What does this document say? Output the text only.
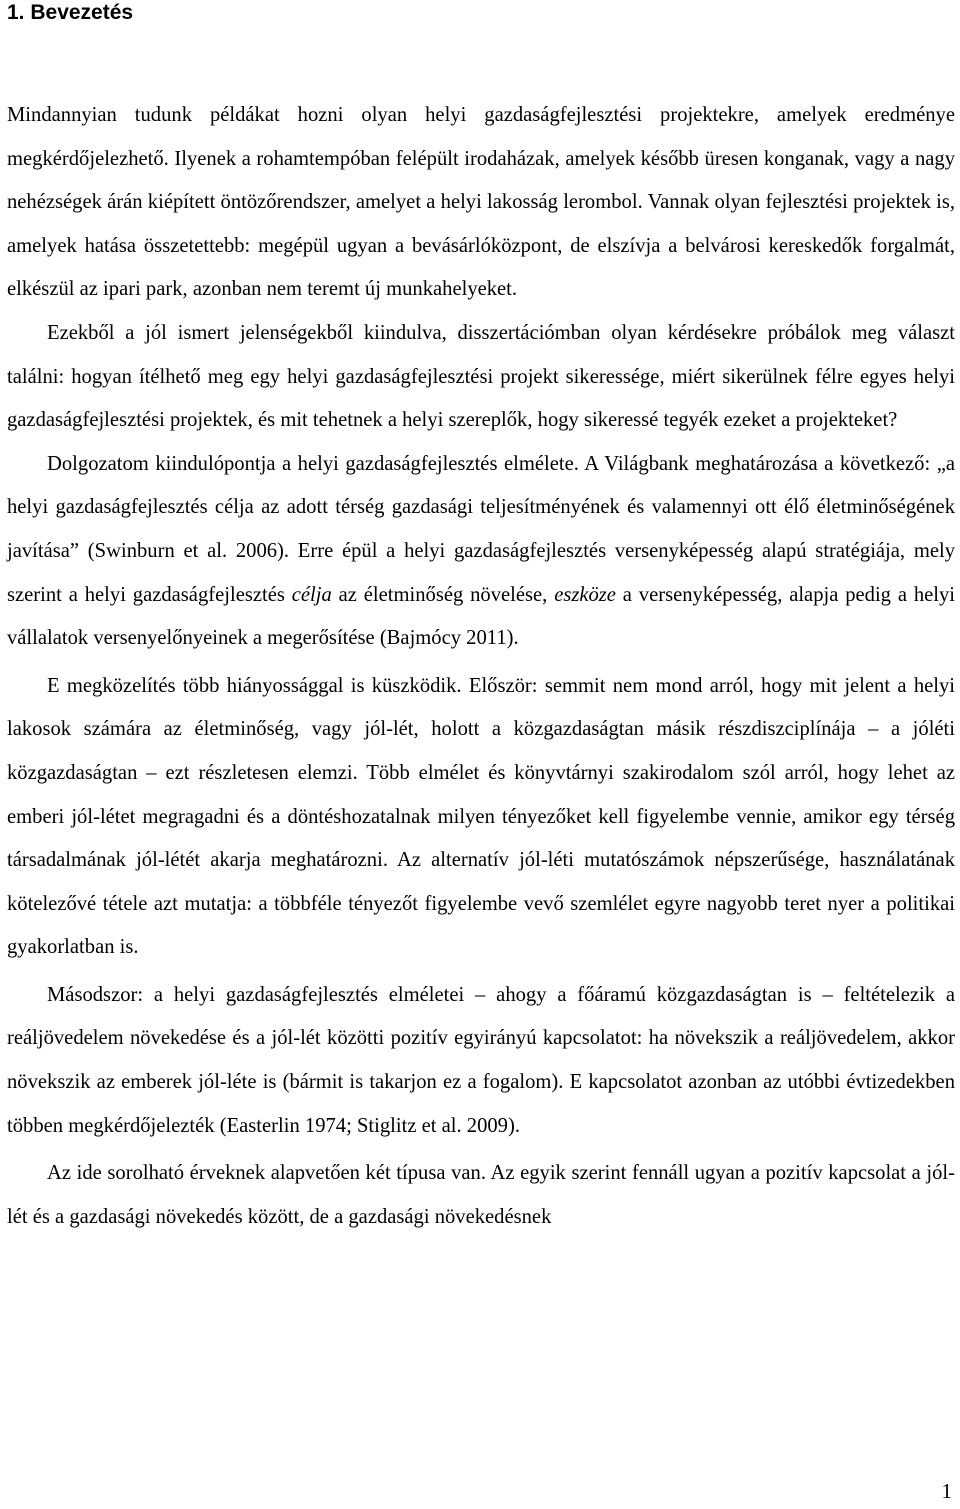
1. Bevezetés

Mindannyian tudunk példákat hozni olyan helyi gazdaságfejlesztési projektekre, amelyek eredménye megkérdőjelezhető. Ilyenek a rohamtempóban felépült irodaházak, amelyek később üresen konganak, vagy a nagy nehézségek árán kiépített öntözőrendszer, amelyet a helyi lakosság lerombol. Vannak olyan fejlesztési projektek is, amelyek hatása összetettebb: megépül ugyan a bevásárlóközpont, de elszívja a belvárosi kereskedők forgalmát, elkészül az ipari park, azonban nem teremt új munkahelyeket.

Ezekből a jól ismert jelenségekből kiindulva, disszertációmban olyan kérdésekre próbálok meg választ találni: hogyan ítélhető meg egy helyi gazdaságfejlesztési projekt sikeressége, miért sikerülnek félre egyes helyi gazdaságfejlesztési projektek, és mit tehetnek a helyi szereplők, hogy sikeressé tegyék ezeket a projekteket?

Dolgozatom kiindulópontja a helyi gazdaságfejlesztés elmélete. A Világbank meghatározása a következő: „a helyi gazdaságfejlesztés célja az adott térség gazdasági teljesítményének és valamennyi ott élő életminőségének javítása” (Swinburn et al. 2006). Erre épül a helyi gazdaságfejlesztés versenyképesség alapú stratégiája, mely szerint a helyi gazdaságfejlesztés célja az életminőség növelése, eszköze a versenyképesség, alapja pedig a helyi vállalatok versenyelőnyeinek a megerősítése (Bajmócy 2011).

E megközelítés több hiányossággal is küszködik. Először: semmit nem mond arról, hogy mit jelent a helyi lakosok számára az életminőség, vagy jól-lét, holott a közgazdaságtan másik részdiszciplínája – a jóléti közgazdaságtan – ezt részletesen elemzi. Több elmélet és könyvtárnyi szakirodalom szól arról, hogy lehet az emberi jól-létet megragadni és a döntéshozatalnak milyen tényezőket kell figyelembe vennie, amikor egy térség társadalmának jól-létét akarja meghatározni. Az alternatív jól-léti mutatószámok népszerűsége, használatának kötelezővé tétele azt mutatja: a többféle tényezőt figyelembe vevő szemlélet egyre nagyobb teret nyer a politikai gyakorlatban is.

Másodszor: a helyi gazdaságfejlesztés elméletei – ahogy a főáramú közgazdaságtan is – feltételezik a reáljövedelem növekedése és a jól-lét közötti pozitív egyirányú kapcsolatot: ha növekszik a reáljövedelem, akkor növekszik az emberek jól-léte is (bármit is takarjon ez a fogalom). E kapcsolatot azonban az utóbbi évtizedekben többen megkérdőjelezték (Easterlin 1974; Stiglitz et al. 2009).

Az ide sorolható érveknek alapvetően két típusa van. Az egyik szerint fennáll ugyan a pozitív kapcsolat a jól-lét és a gazdasági növekedés között, de a gazdasági növekedésnek

1
